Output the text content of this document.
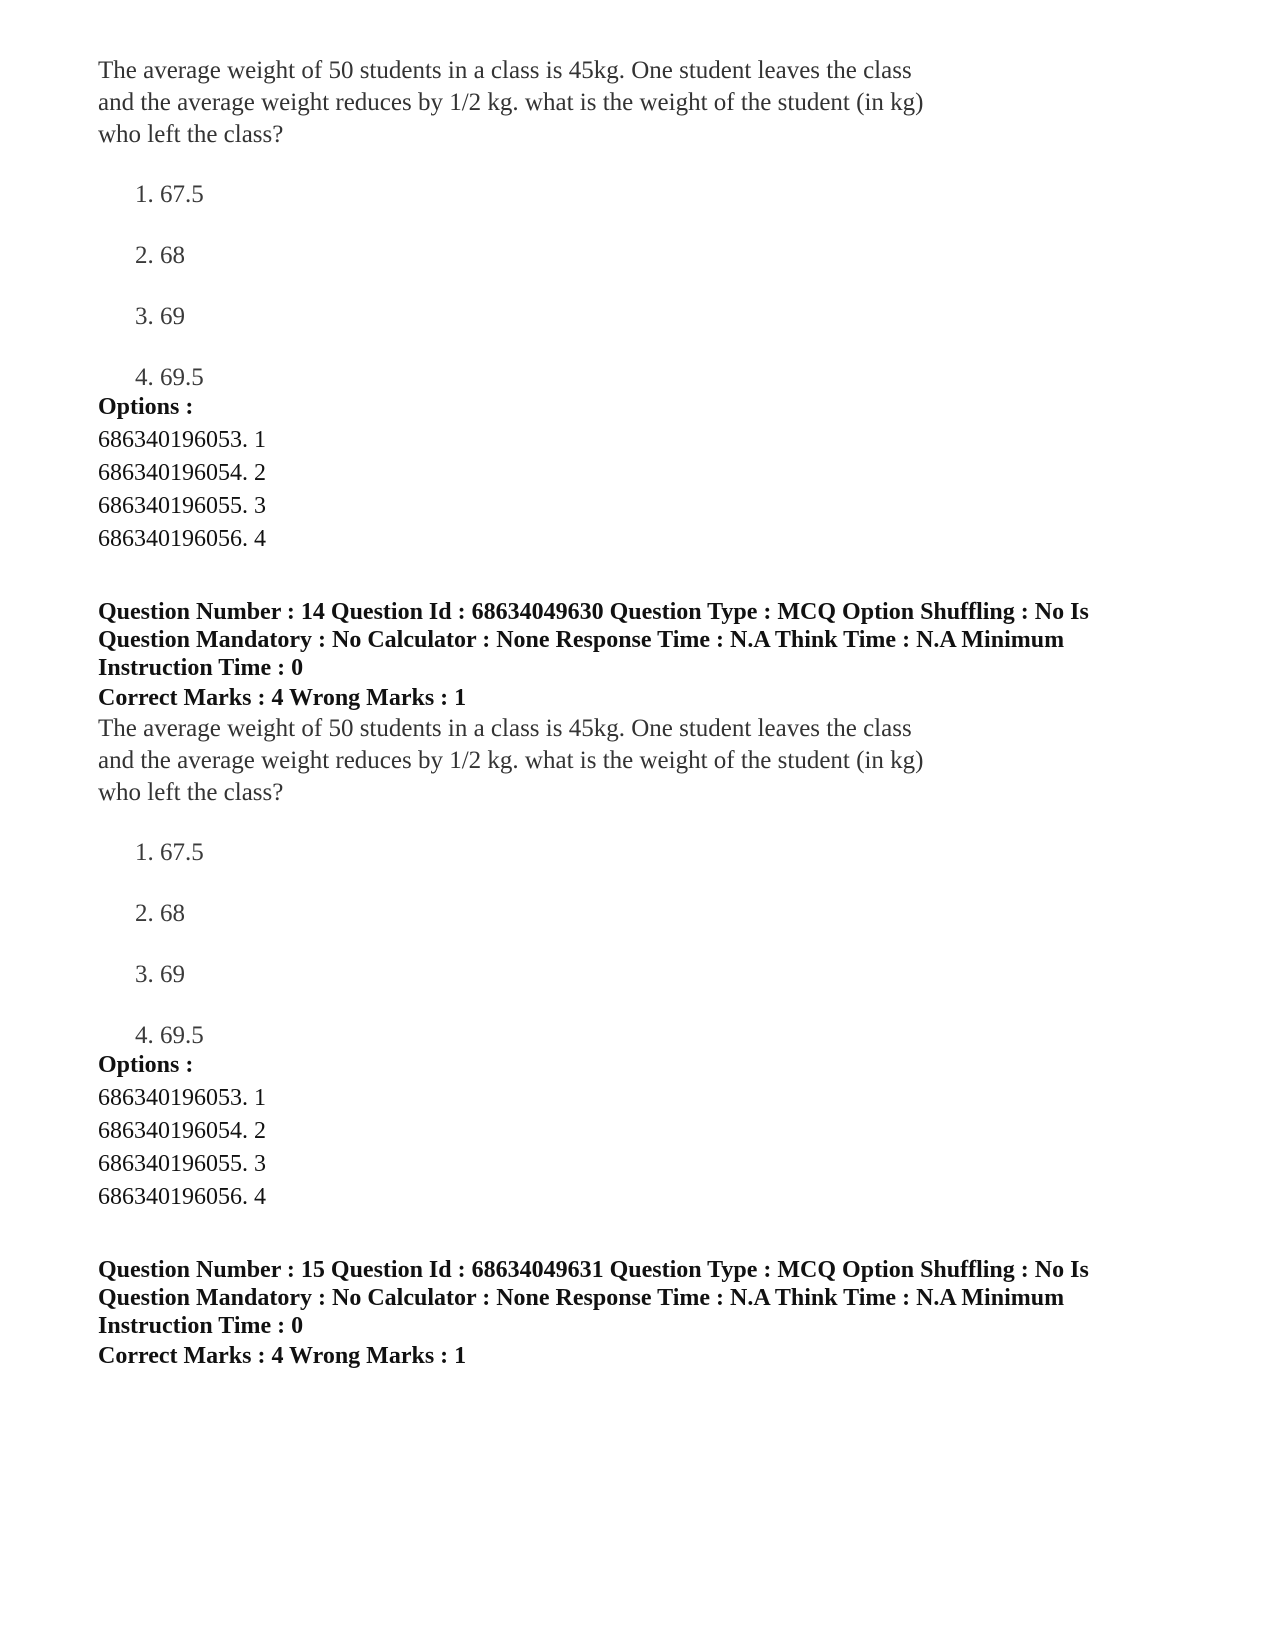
The average weight of 50 students in a class is 45kg. One student leaves the class

and the average weight reduces by 1/2 kg. what is the weight of the student (in kg)

who left the class?

1. 67.5
2. 68
3. 69
4. 69.5
Options :
686340196053. 1
686340196054. 2
686340196055. 3
686340196056. 4
Question Number : 14 Question Id : 68634049630 Question Type : MCQ Option Shuffling : No Is
Question Mandatory : No Calculator : None Response Time : N.A Think Time : N.A Minimum
Instruction Time : 0
Correct Marks : 4 Wrong Marks : 1

The average weight of 50 students in a class is 45kg. One student leaves the class

and the average weight reduces by 1/2 kg. what is the weight of the student (in kg)

who left the class?

1. 67.5
2. 68
3. 69
4. 69.5
Options :
686340196053. 1
686340196054. 2
686340196055. 3
686340196056. 4
Question Number : 15 Question Id : 68634049631 Question Type : MCQ Option Shuffling : No Is
Question Mandatory : No Calculator : None Response Time : N.A Think Time : N.A Minimum
Instruction Time : 0
Correct Marks : 4 Wrong Marks : 1
